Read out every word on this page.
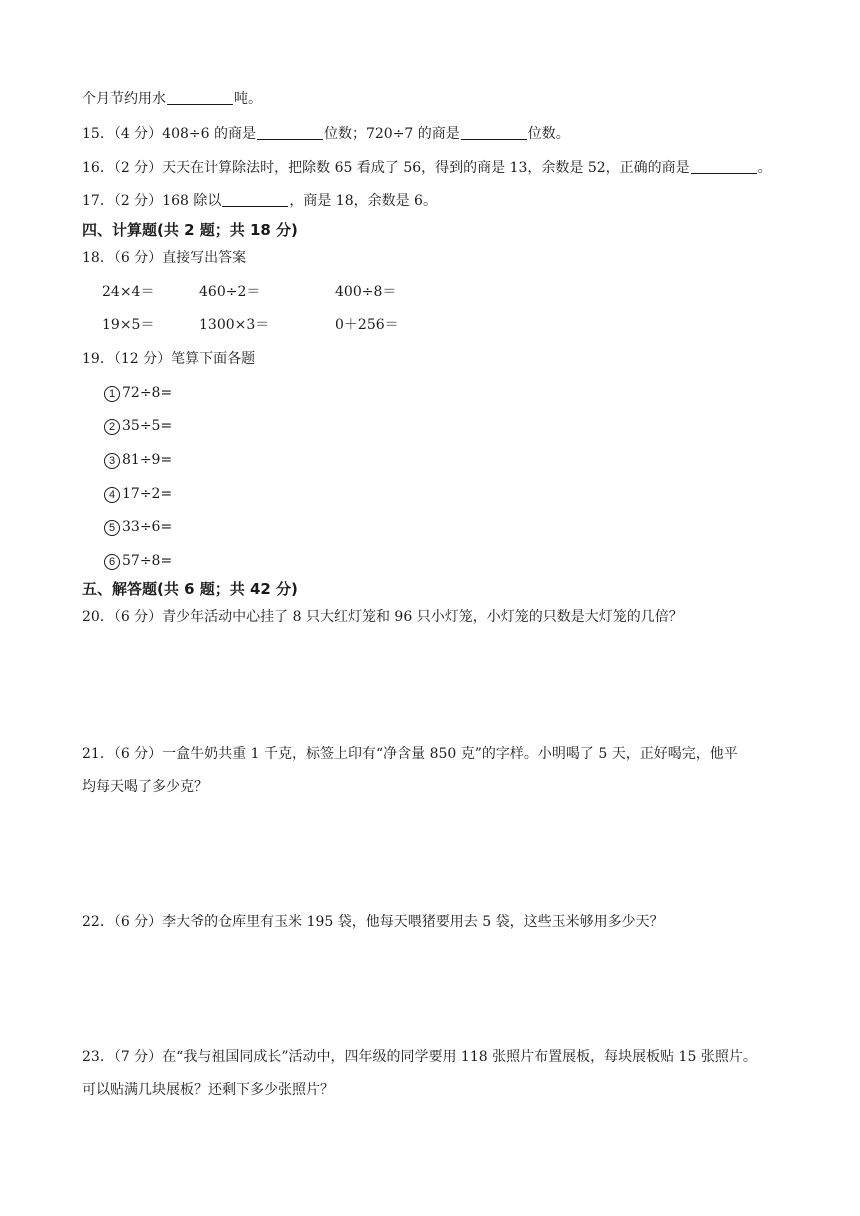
个月节约用水	吨。
15．（4 分）408÷6 的商是	位数；720÷7 的商是	位数。
16．（2 分）天天在计算除法时，把除数 65 看成了 56，得到的商是 13，余数是 52，正确的商是	。
17．（2 分）168 除以	，商是 18，余数是 6。
四、计算题(共 2 题；共 18 分)
18．（6 分）直接写出答案
24×4＝	460÷2＝	400÷8＝
19×5＝	1300×3＝	0＋256＝
19．（12 分）笔算下面各题
1 72÷8=
2 35÷5=
3 81÷9=
4 17÷2=
5 33÷6=
6 57÷8=
五、解答题(共 6 题；共 42 分)
20．（6 分）青少年活动中心挂了 8 只大红灯笼和 96 只小灯笼，小灯笼的只数是大灯笼的几倍？
21．（6 分）一盒牛奶共重 1 千克，标签上印有“净含量 850 克”的字样。小明喝了 5 天，正好喝完，他平
均每天喝了多少克？
22．（6 分）李大爷的仓库里有玉米 195 袋，他每天喂猪要用去 5 袋，这些玉米够用多少天？
23．（7 分）在“我与祖国同成长”活动中，四年级的同学要用 118 张照片布置展板，每块展板贴 15 张照片。
可以贴满几块展板？还剩下多少张照片？
